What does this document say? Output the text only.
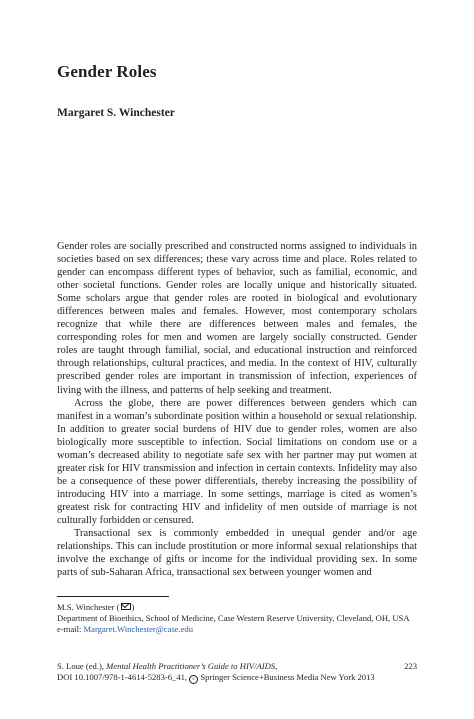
Gender Roles
Margaret S. Winchester

Gender roles are socially prescribed and constructed norms assigned to individuals in societies based on sex differences; these vary across time and place. Roles related to gender can encompass different types of behavior, such as familial, economic, and other societal functions. Gender roles are locally unique and historically situated. Some scholars argue that gender roles are rooted in biological and evolutionary differences between males and females. However, most contemporary scholars recognize that while there are differences between males and females, the corresponding roles for men and women are largely socially constructed. Gender roles are taught through familial, social, and educational instruction and reinforced through relationships, cultural practices, and media. In the context of HIV, culturally prescribed gender roles are important in transmission of infection, experiences of living with the illness, and patterns of help seeking and treatment.

Across the globe, there are power differences between genders which can manifest in a woman’s subordinate position within a household or sexual relationship. In addition to greater social burdens of HIV due to gender roles, women are also biologically more susceptible to infection. Social limitations on condom use or a woman’s decreased ability to negotiate safe sex with her partner may put women at greater risk for HIV transmission and infection in certain contexts. Infidelity may also be a consequence of these power differentials, thereby increasing the possibility of introducing HIV into a marriage. In some settings, marriage is cited as women’s greatest risk for contracting HIV and infidelity of men outside of marriage is not culturally forbidden or censured.

Transactional sex is commonly embedded in unequal gender and/or age relationships. This can include prostitution or more informal sexual relationships that involve the exchange of gifts or income for the individual providing sex. In some parts of sub-Saharan Africa, transactional sex between younger women and

M.S. Winchester ( )
Department of Bioethics, School of Medicine, Case Western Reserve University, Cleveland, OH, USA
e-mail: Margaret.Winchester@case.edu
S. Loue (ed.), Mental Health Practitioner’s Guide to HIV/AIDS,	223
DOI 10.1007/978-1-4614-5283-6_41, c Springer Science+Business Media New York 2013
